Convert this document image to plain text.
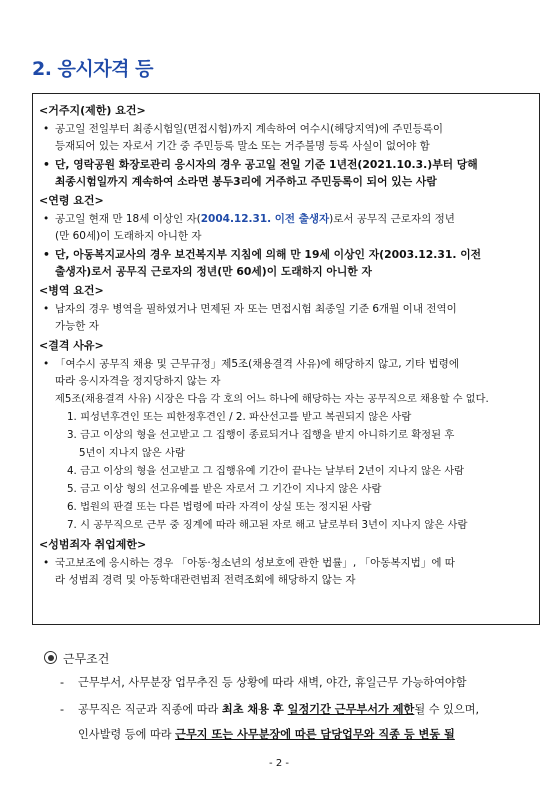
2. 응시자격 등
<거주지(제한) 요건>
• 공고일 전일부터 최종시험일(면접시험)까지 계속하여 여수시(해당지역)에 주민등록이
등재되어 있는 자로서 기간 중 주민등록 말소 또는 거주불명 등록 사실이 없어야 함
• 단, 영락공원 화장로관리 응시자의 경우 공고일 전일 기준 1년전(2021.10.3.)부터 당해
최종시험일까지 계속하여 소라면 봉두3리에 거주하고 주민등록이 되어 있는 사람
<연령 요건>
• 공고일 현재 만 18세 이상인 자(2004.12.31. 이전 출생자)로서 공무직 근로자의 정년
(만 60세)이 도래하지 아니한 자
• 단, 아동복지교사의 경우 보건복지부 지침에 의해 만 19세 이상인 자(2003.12.31. 이전
출생자)로서 공무직 근로자의 정년(만 60세)이 도래하지 아니한 자
<병역 요건>
• 남자의 경우 병역을 필하였거나 면제된 자 또는 면접시험 최종일 기준 6개월 이내 전역이
가능한 자
<결격 사유>
• 「여수시 공무직 채용 및 근무규정」제5조(채용결격 사유)에 해당하지 않고, 기타 법령에
따라 응시자격을 정지당하지 않는 자
제5조(채용결격 사유) 시장은 다음 각 호의 어느 하나에 해당하는 자는 공무직으로 채용할 수 없다.
1. 피성년후견인 또는 피한정후견인 / 2. 파산선고를 받고 복권되지 않은 사람
3. 금고 이상의 형을 선고받고 그 집행이 종료되거나 집행을 받지 아니하기로 확정된 후
5년이 지나지 않은 사람
4. 금고 이상의 형을 선고받고 그 집행유예 기간이 끝나는 날부터 2년이 지나지 않은 사람
5. 금고 이상 형의 선고유예를 받은 자로서 그 기간이 지나지 않은 사람
6. 법원의 판결 또는 다른 법령에 따라 자격이 상실 또는 정지된 사람
7. 시 공무직으로 근무 중 징계에 따라 해고된 자로 해고 날로부터 3년이 지나지 않은 사람
<성범죄자 취업제한>
• 국고보조에 응시하는 경우 「아동·청소년의 성보호에 관한 법률」, 「아동복지법」에 따
라 성범죄 경력 및 아동학대관련범죄 전력조회에 해당하지 않는 자
근무조건
- 근무부서, 사무분장 업무추진 등 상황에 따라 새벽, 야간, 휴일근무 가능하여야함
- 공무직은 직군과 직종에 따라 최초 채용 후 일정기간 근무부서가 제한될 수 있으며,
인사발령 등에 따라 근무지 또는 사무분장에 따른 담당업무와 직종 등 변동 될
- 2 -
